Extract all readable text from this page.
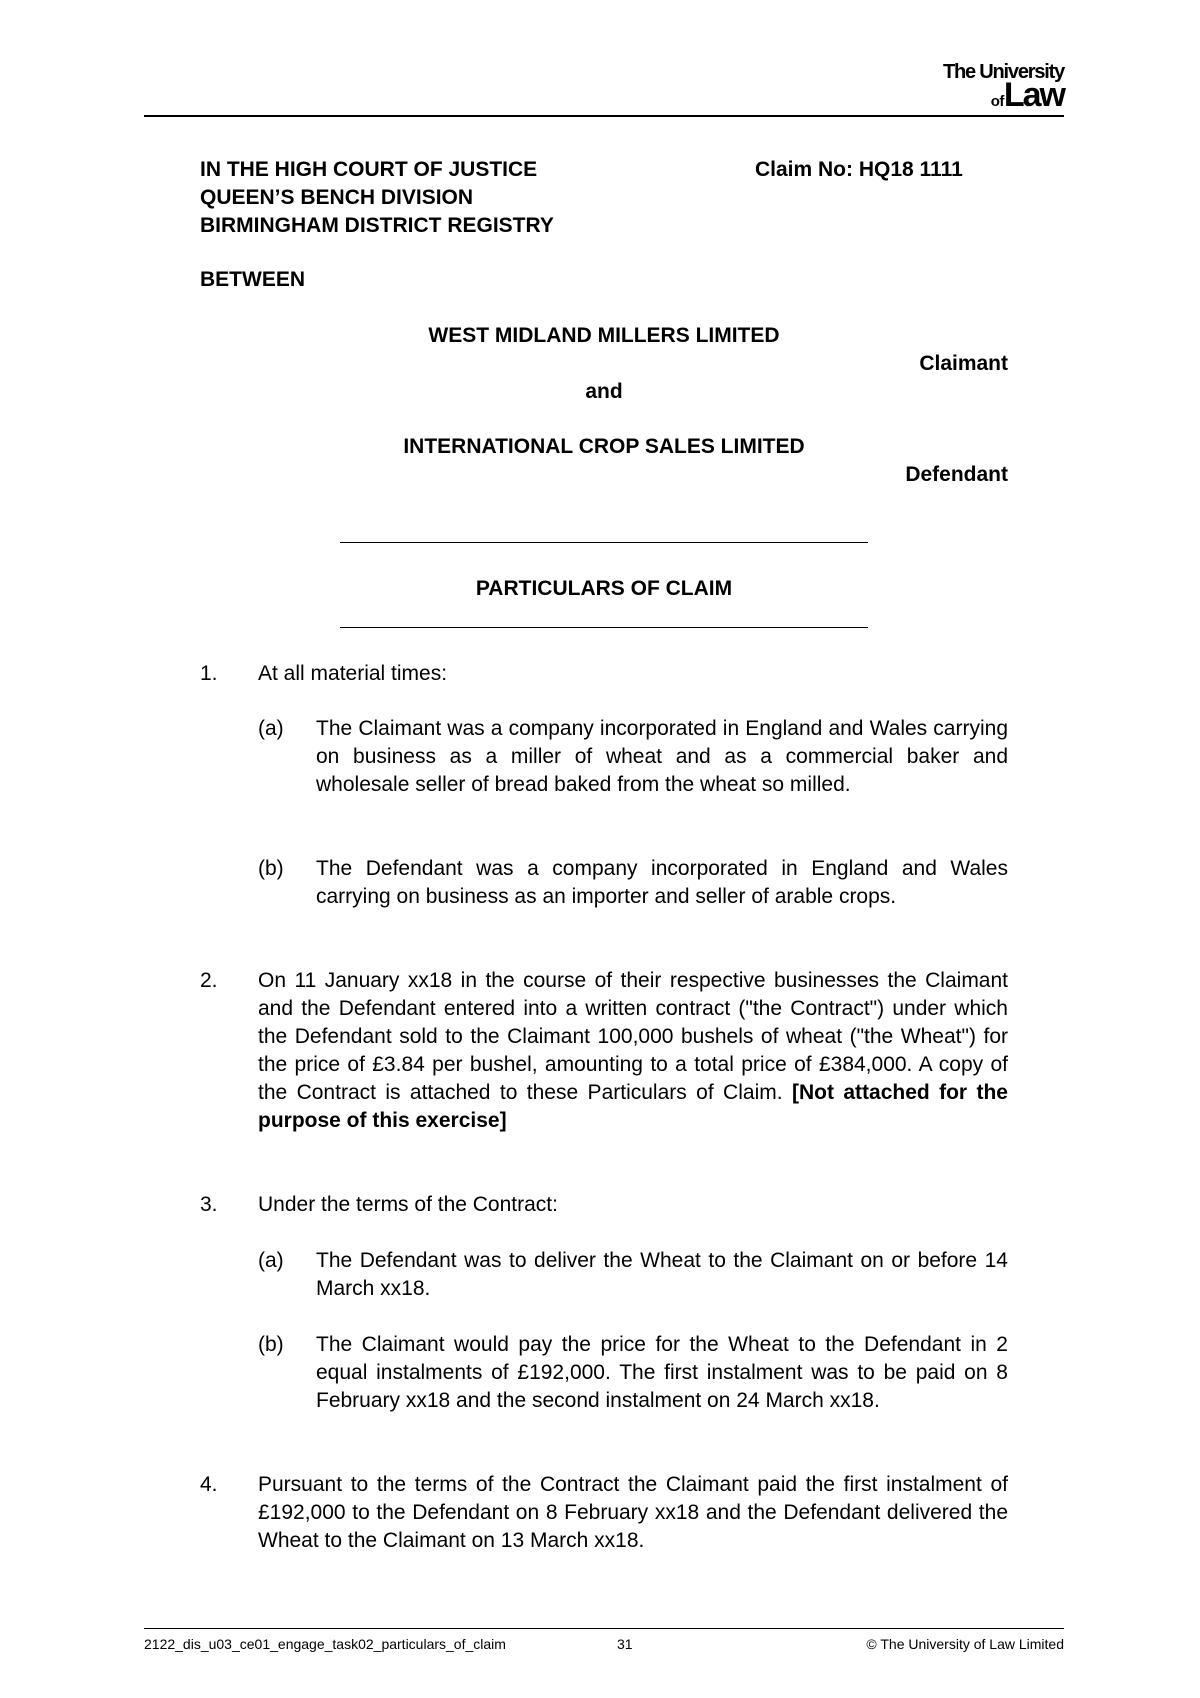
The University
ofLaw
IN THE HIGH COURT OF JUSTICE
QUEEN’S BENCH DIVISION
BIRMINGHAM DISTRICT REGISTRY
Claim No: HQ18 1111
BETWEEN
WEST MIDLAND MILLERS LIMITED
Claimant
and
INTERNATIONAL CROP SALES LIMITED
Defendant
PARTICULARS OF CLAIM
1. At all material times:
(a) The Claimant was a company incorporated in England and Wales carrying on business as a miller of wheat and as a commercial baker and wholesale seller of bread baked from the wheat so milled.
(b) The Defendant was a company incorporated in England and Wales carrying on business as an importer and seller of arable crops.
2. On 11 January xx18 in the course of their respective businesses the Claimant and the Defendant entered into a written contract ("the Contract") under which the Defendant sold to the Claimant 100,000 bushels of wheat ("the Wheat") for the price of £3.84 per bushel, amounting to a total price of £384,000. A copy of the Contract is attached to these Particulars of Claim. [Not attached for the purpose of this exercise]
3. Under the terms of the Contract:
(a) The Defendant was to deliver the Wheat to the Claimant on or before 14 March xx18.
(b) The Claimant would pay the price for the Wheat to the Defendant in 2 equal instalments of £192,000. The first instalment was to be paid on 8 February xx18 and the second instalment on 24 March xx18.
4. Pursuant to the terms of the Contract the Claimant paid the first instalment of £192,000 to the Defendant on 8 February xx18 and the Defendant delivered the Wheat to the Claimant on 13 March xx18.
2122_dis_u03_ce01_engage_task02_particulars_of_claim	31	© The University of Law Limited
